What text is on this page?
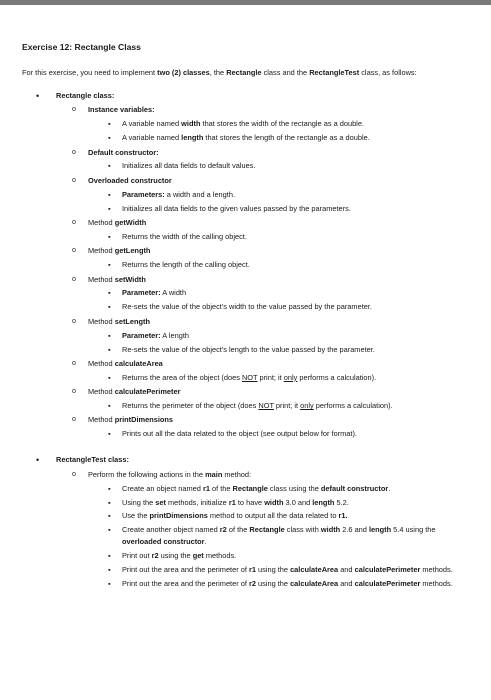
Exercise 12: Rectangle Class
For this exercise, you need to implement two (2) classes, the Rectangle class and the RectangleTest class, as follows:
• Rectangle class:
o Instance variables:
▪ A variable named width that stores the width of the rectangle as a double.
▪ A variable named length that stores the length of the rectangle as a double.
o Default constructor:
▪ Initializes all data fields to default values.
o Overloaded constructor
▪ Parameters: a width and a length.
▪ Initializes all data fields to the given values passed by the parameters.
o Method getWidth
▪ Returns the width of the calling object.
o Method getLength
▪ Returns the length of the calling object.
o Method setWidth
▪ Parameter: A width
▪ Re-sets the value of the object's width to the value passed by the parameter.
o Method setLength
▪ Parameter: A length
▪ Re-sets the value of the object's length to the value passed by the parameter.
o Method calculateArea
▪ Returns the area of the object (does NOT print; it only performs a calculation).
o Method calculatePerimeter
▪ Returns the perimeter of the object (does NOT print; it only performs a calculation).
o Method printDimensions
▪ Prints out all the data related to the object (see output below for format).
• RectangleTest class:
o Perform the following actions in the main method:
▪ Create an object named r1 of the Rectangle class using the default constructor.
▪ Using the set methods, initialize r1 to have width 3.0 and length 5.2.
▪ Use the printDimensions method to output all the data related to r1.
▪ Create another object named r2 of the Rectangle class with width 2.6 and length 5.4 using the overloaded constructor.
▪ Print out r2 using the get methods.
▪ Print out the area and the perimeter of r1 using the calculateArea and calculatePerimeter methods.
▪ Print out the area and the perimeter of r2 using the calculateArea and calculatePerimeter methods.
